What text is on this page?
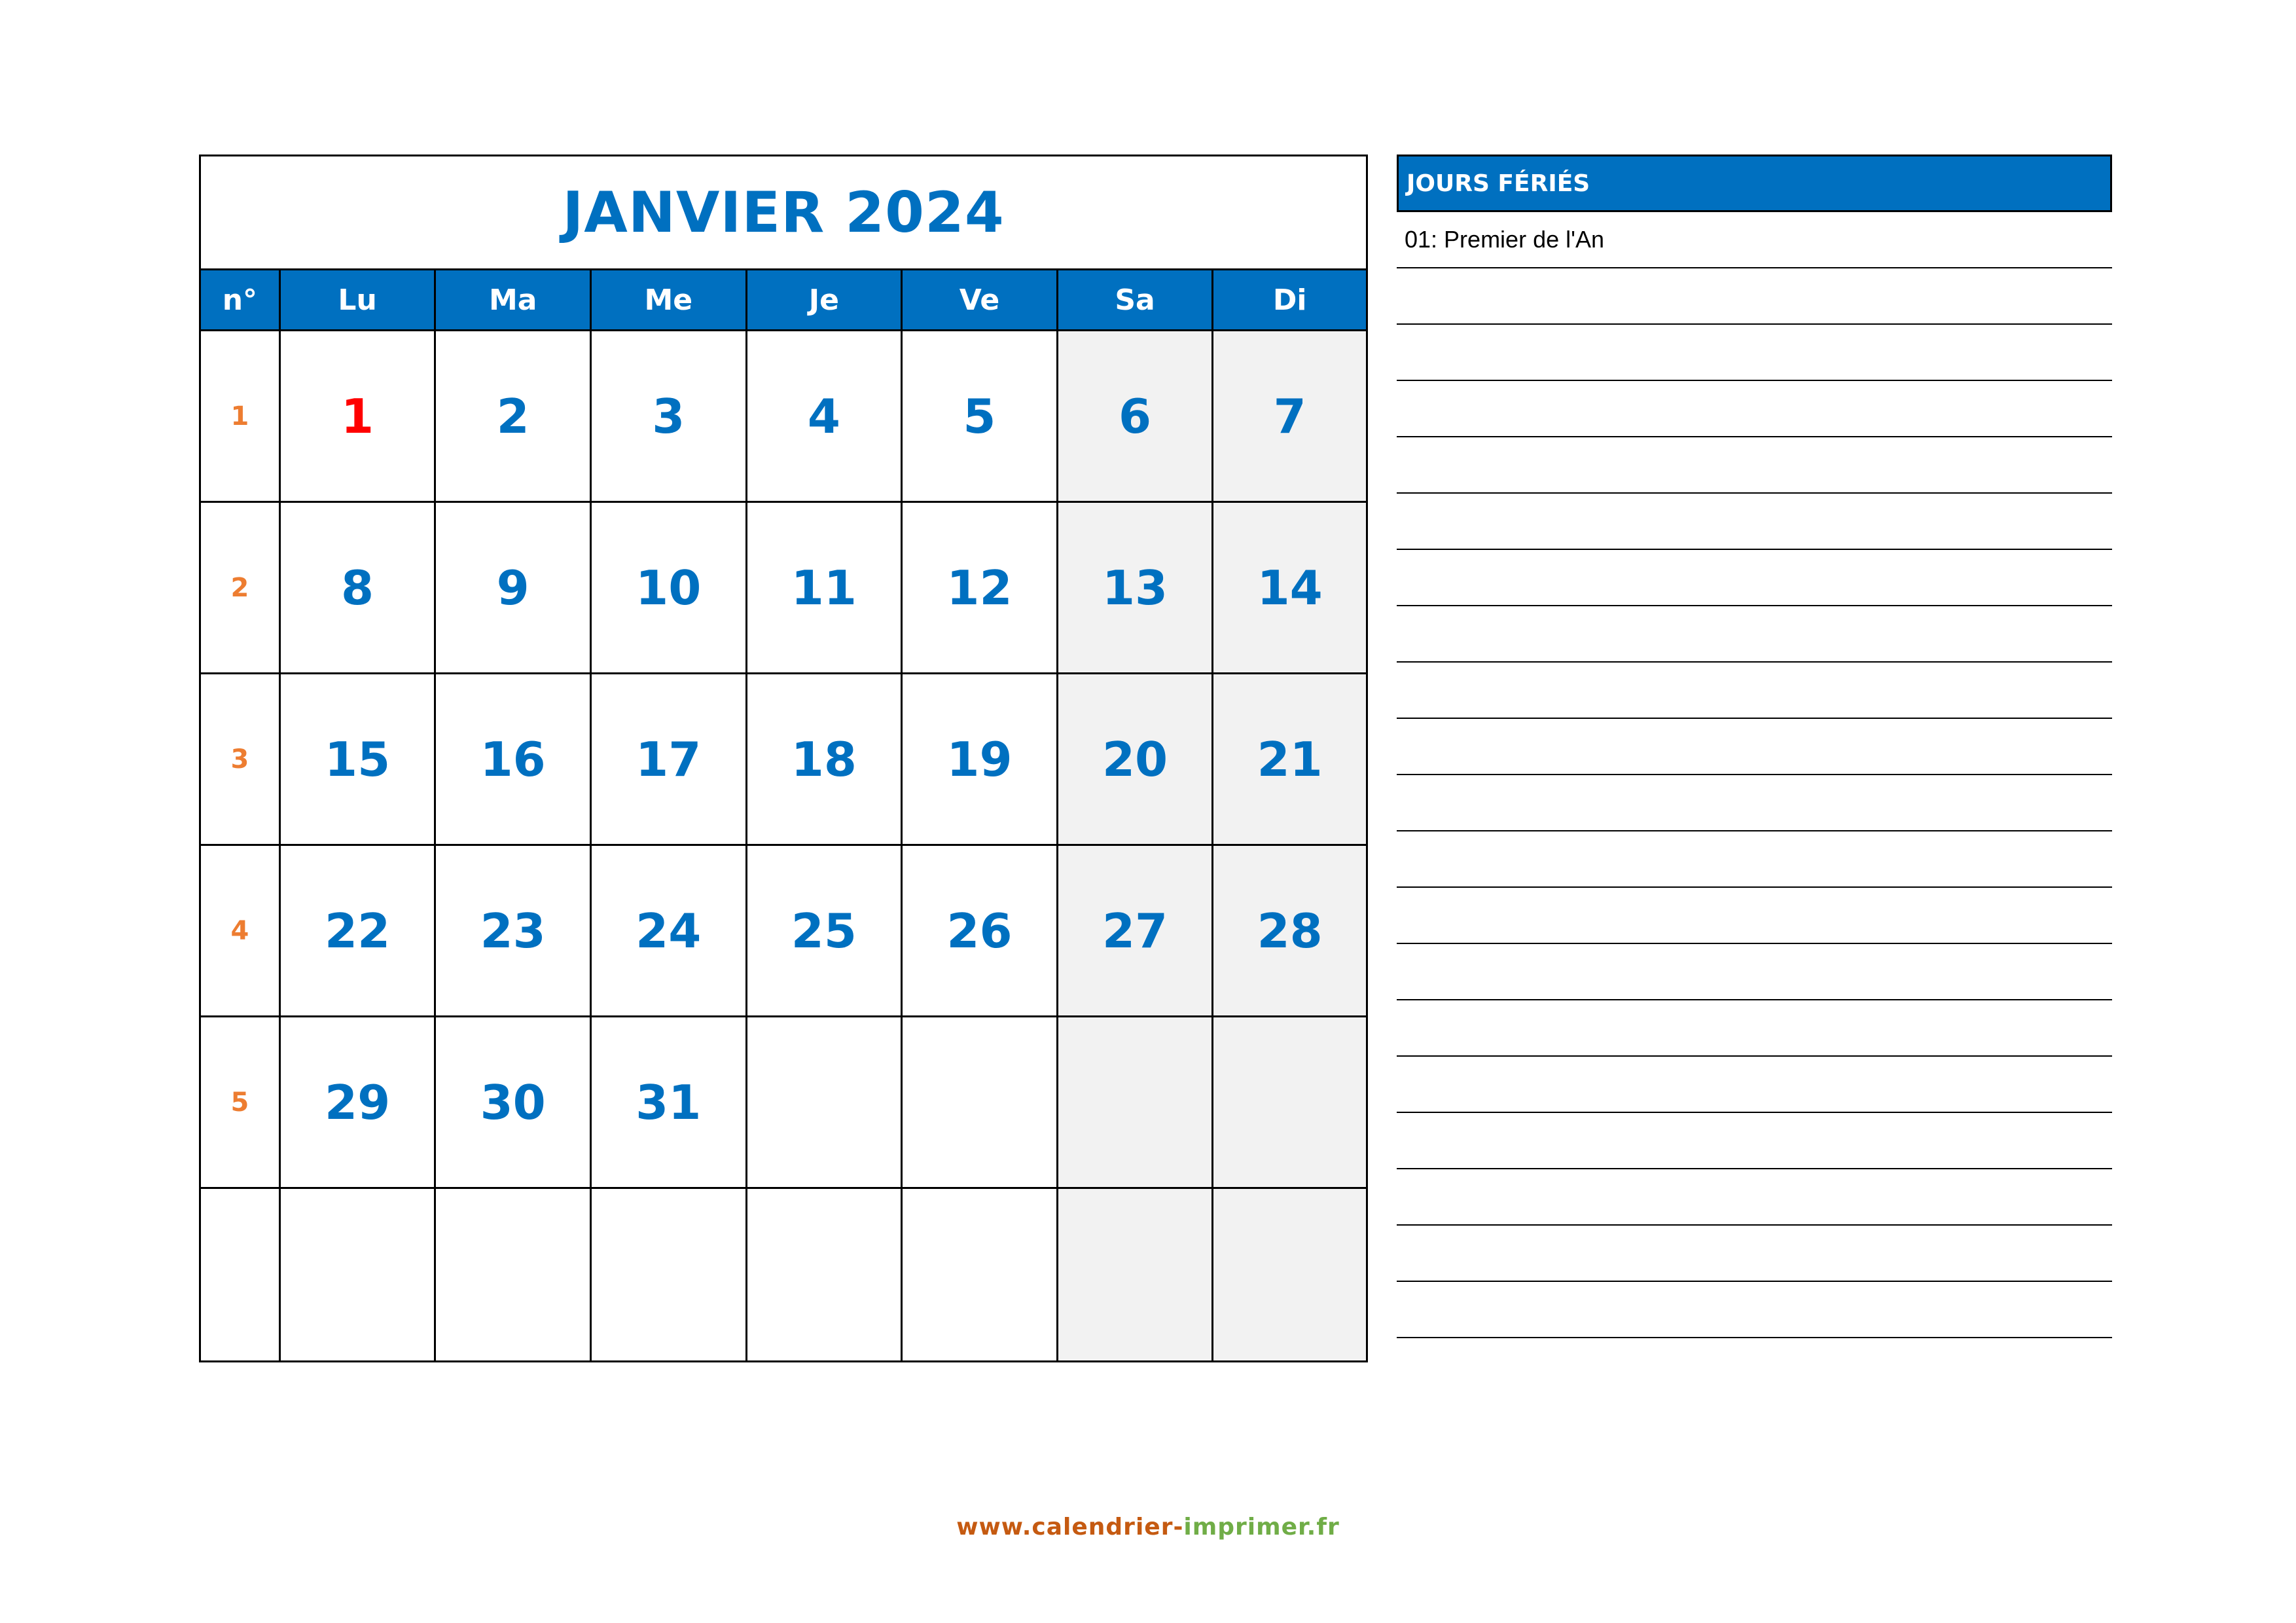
JANVIER 2024
n°	Lu	Ma	Me	Je	Ve	Sa	Di
1	1	2	3	4	5	6	7
2	8	9	10	11	12	13	14
3	15	16	17	18	19	20	21
4	22	23	24	25	26	27	28
5	29	30	31
JOURS FÉRIÉS
01: Premier de l'An
www.calendrier-imprimer.fr
